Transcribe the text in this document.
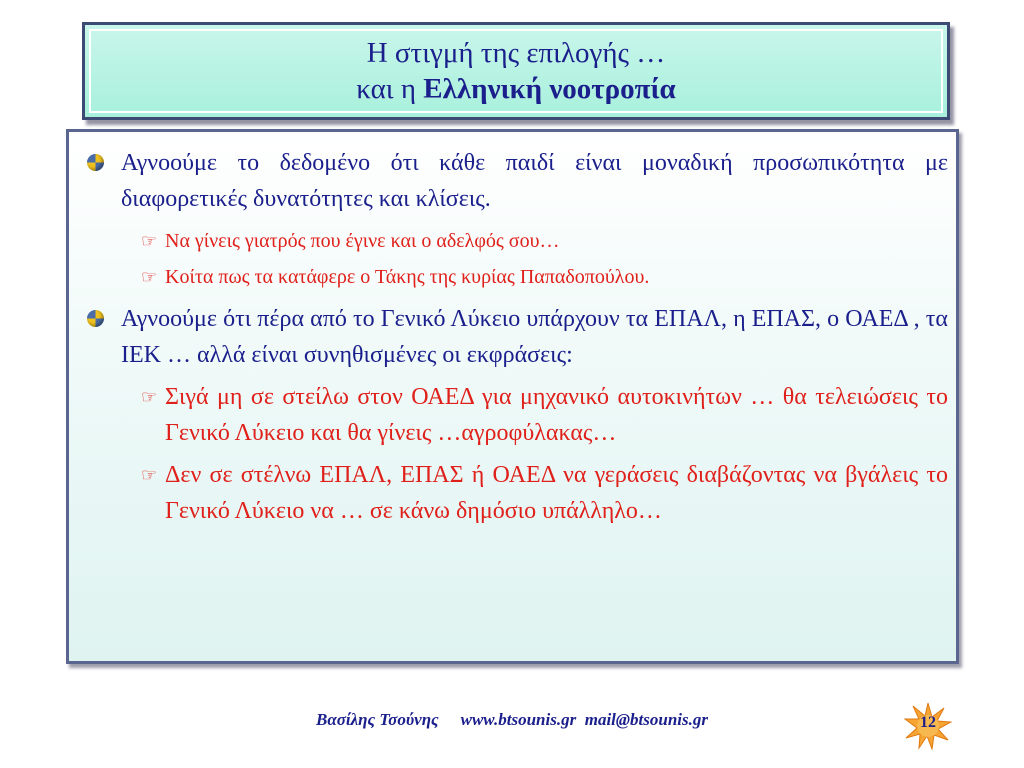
Η στιγμή της επιλογής …
και η Ελληνική νοοτροπία
Αγνοούμε το δεδομένο ότι κάθε παιδί είναι μοναδική προσωπικότητα με διαφορετικές δυνατότητες και κλίσεις.
☞ Να γίνεις γιατρός που έγινε και ο αδελφός σου…
☞ Κοίτα πως τα κατάφερε ο Τάκης της κυρίας Παπαδοπούλου.
Αγνοούμε ότι πέρα από το Γενικό Λύκειο υπάρχουν τα ΕΠΑΛ, η ΕΠΑΣ, ο ΟΑΕΔ , τα ΙΕΚ … αλλά είναι συνηθισμένες οι εκφράσεις:
☞ Σιγά μη σε στείλω στον ΟΑΕΔ για μηχανικό αυτοκινήτων … θα τελειώσεις το Γενικό Λύκειο και θα γίνεις …αγροφύλακας…
☞ Δεν σε στέλνω ΕΠΑΛ, ΕΠΑΣ ή ΟΑΕΔ να γεράσεις διαβάζοντας να βγάλεις το Γενικό Λύκειο να … σε κάνω δημόσιο υπάλληλο…
Βασίλης Τσούνης www.btsounis.gr mail@btsounis.gr	12
